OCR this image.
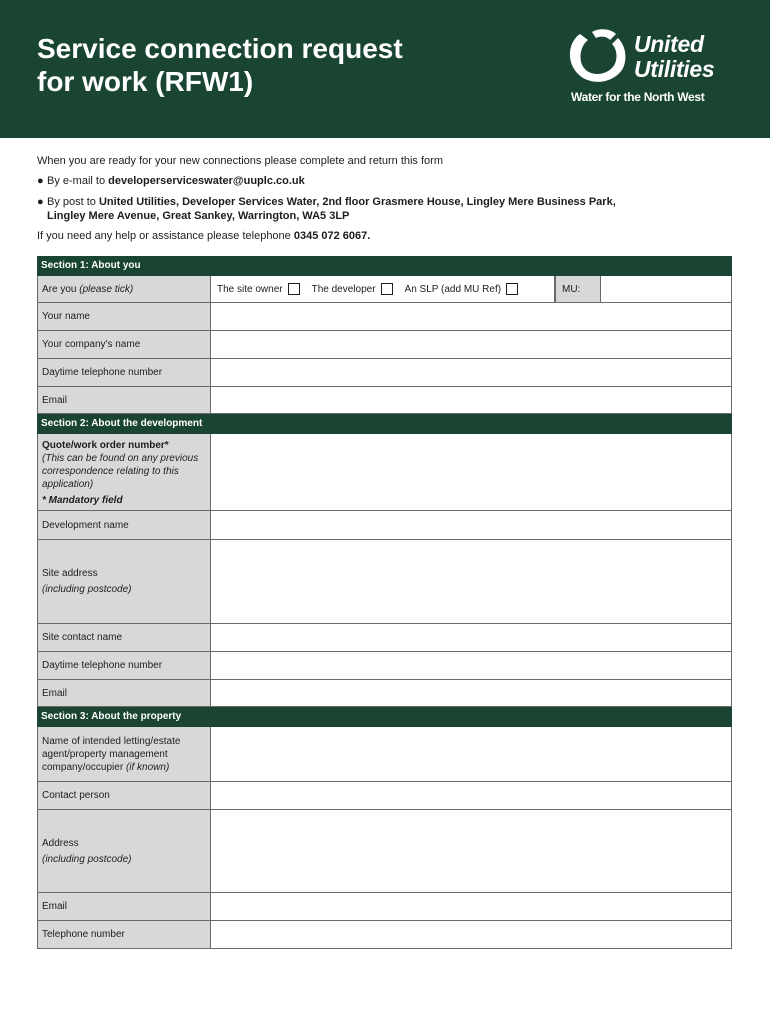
Service connection request
for work (RFW1)
United
Utilities
Water for the North West

When you are ready for your new connections please complete and return this form

● By e-mail to developerserviceswater@uuplc.co.uk

● By post to United Utilities, Developer Services Water, 2nd floor Grasmere House, Lingley Mere Business Park,
Lingley Mere Avenue, Great Sankey, Warrington, WA5 3LP

If you need any help or assistance please telephone 0345 072 6067.

Section 1: About you
Are you (please tick)	The site owner	The developer	An SLP (add MU Ref)	MU:
Your name
Your company's name
Daytime telephone number
Email
Section 2: About the development
Quote/work order number*
(This can be found on any previous correspondence relating to this application)
* Mandatory field
Development name
Site address
(including postcode)
Site contact name
Daytime telephone number
Email
Section 3: About the property
Name of intended letting/estate agent/property management company/occupier (if known)
Contact person
Address
(including postcode)
Email
Telephone number
